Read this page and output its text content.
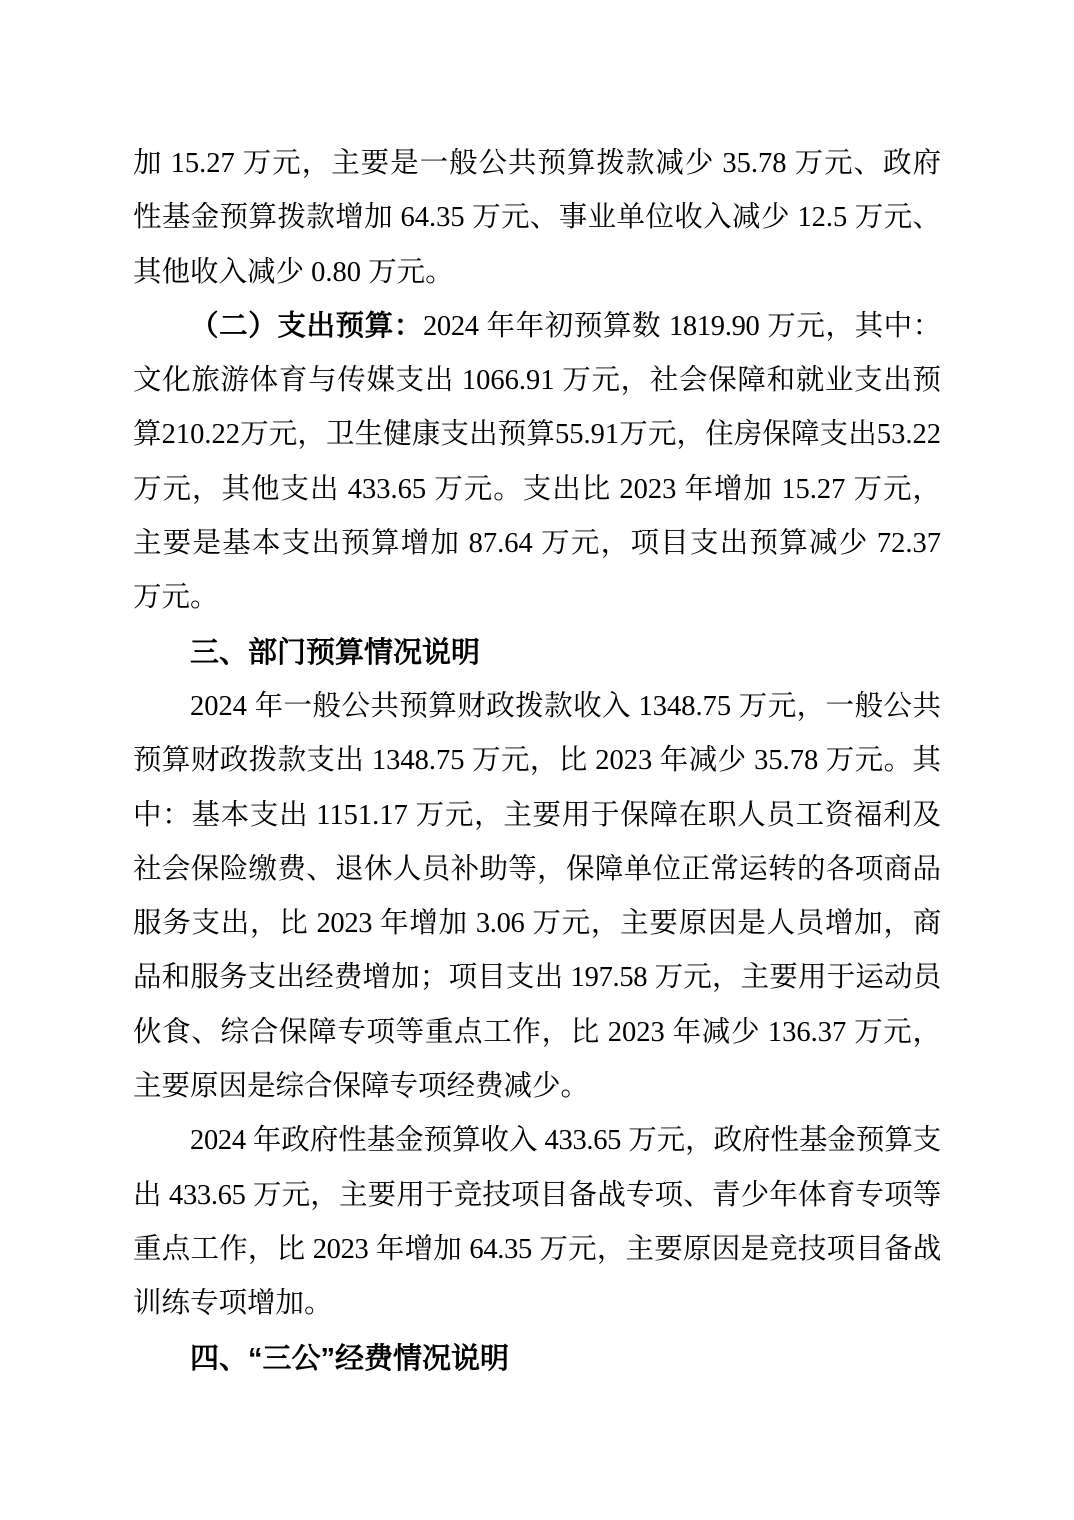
加 15.27 万元，主要是一般公共预算拨款减少 35.78 万元、政府
性基金预算拨款增加 64.35 万元、事业单位收入减少 12.5 万元、
其他收入减少 0.80 万元。
（二）支出预算：2024 年年初预算数 1819.90 万元，其中：
文化旅游体育与传媒支出 1066.91 万元，社会保障和就业支出预
算210.22万元，卫生健康支出预算55.91万元，住房保障支出53.22
万元，其他支出 433.65 万元。支出比 2023 年增加 15.27 万元，
主要是基本支出预算增加 87.64 万元，项目支出预算减少 72.37
万元。
三、部门预算情况说明
2024 年一般公共预算财政拨款收入 1348.75 万元，一般公共
预算财政拨款支出 1348.75 万元，比 2023 年减少 35.78 万元。其
中：基本支出 1151.17 万元，主要用于保障在职人员工资福利及
社会保险缴费、退休人员补助等，保障单位正常运转的各项商品
服务支出，比 2023 年增加 3.06 万元，主要原因是人员增加，商
品和服务支出经费增加；项目支出 197.58 万元，主要用于运动员
伙食、综合保障专项等重点工作，比 2023 年减少 136.37 万元，
主要原因是综合保障专项经费减少。
2024 年政府性基金预算收入 433.65 万元，政府性基金预算支
出 433.65 万元，主要用于竞技项目备战专项、青少年体育专项等
重点工作，比 2023 年增加 64.35 万元，主要原因是竞技项目备战
训练专项增加。
四、“三公”经费情况说明
